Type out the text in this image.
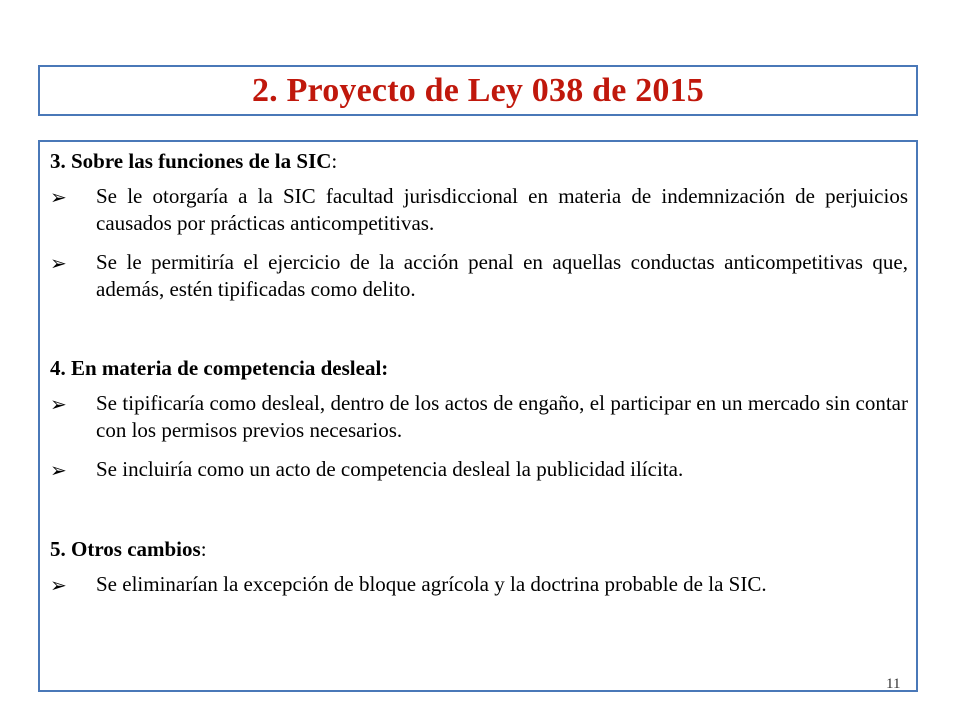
2. Proyecto de Ley 038 de 2015

3. Sobre las funciones de la SIC:

➢	Se le otorgaría a la SIC facultad jurisdiccional en materia de indemnización de perjuicios causados por prácticas anticompetitivas.
➢	Se le permitiría el ejercicio de la acción penal en aquellas conductas anticompetitivas que, además, estén tipificadas como delito.

4. En materia de competencia desleal:

➢	Se tipificaría como desleal, dentro de los actos de engaño, el participar en un mercado sin contar con los permisos previos necesarios.
➢	Se incluiría como un acto de competencia desleal la publicidad ilícita.

5. Otros cambios:

➢	Se eliminarían la excepción de bloque agrícola y la doctrina probable de la SIC.
11
